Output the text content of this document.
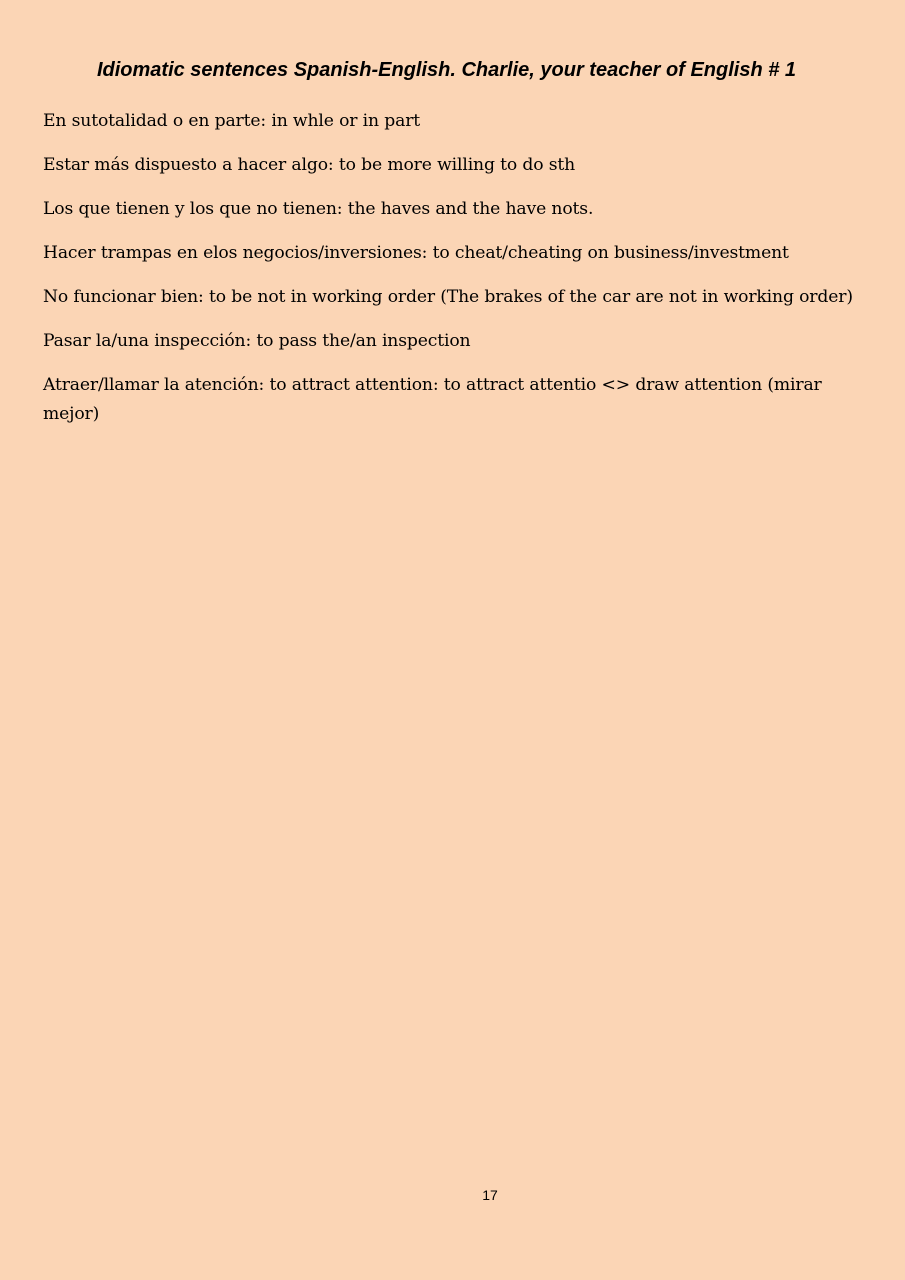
Idiomatic sentences Spanish-English. Charlie, your teacher of English # 1
En sutotalidad o en parte: in whle or in part
Estar más dispuesto a hacer algo: to be more willing to do sth
Los que tienen y los que no tienen: the haves and the have nots.
Hacer trampas en elos negocios/inversiones: to cheat/cheating on business/investment
No funcionar bien: to be not in working order (The brakes of the car are not in working order)
Pasar la/una inspección: to pass the/an inspection
Atraer/llamar la atención: to attract attention: to attract attentio <> draw attention (mirar mejor)
17
